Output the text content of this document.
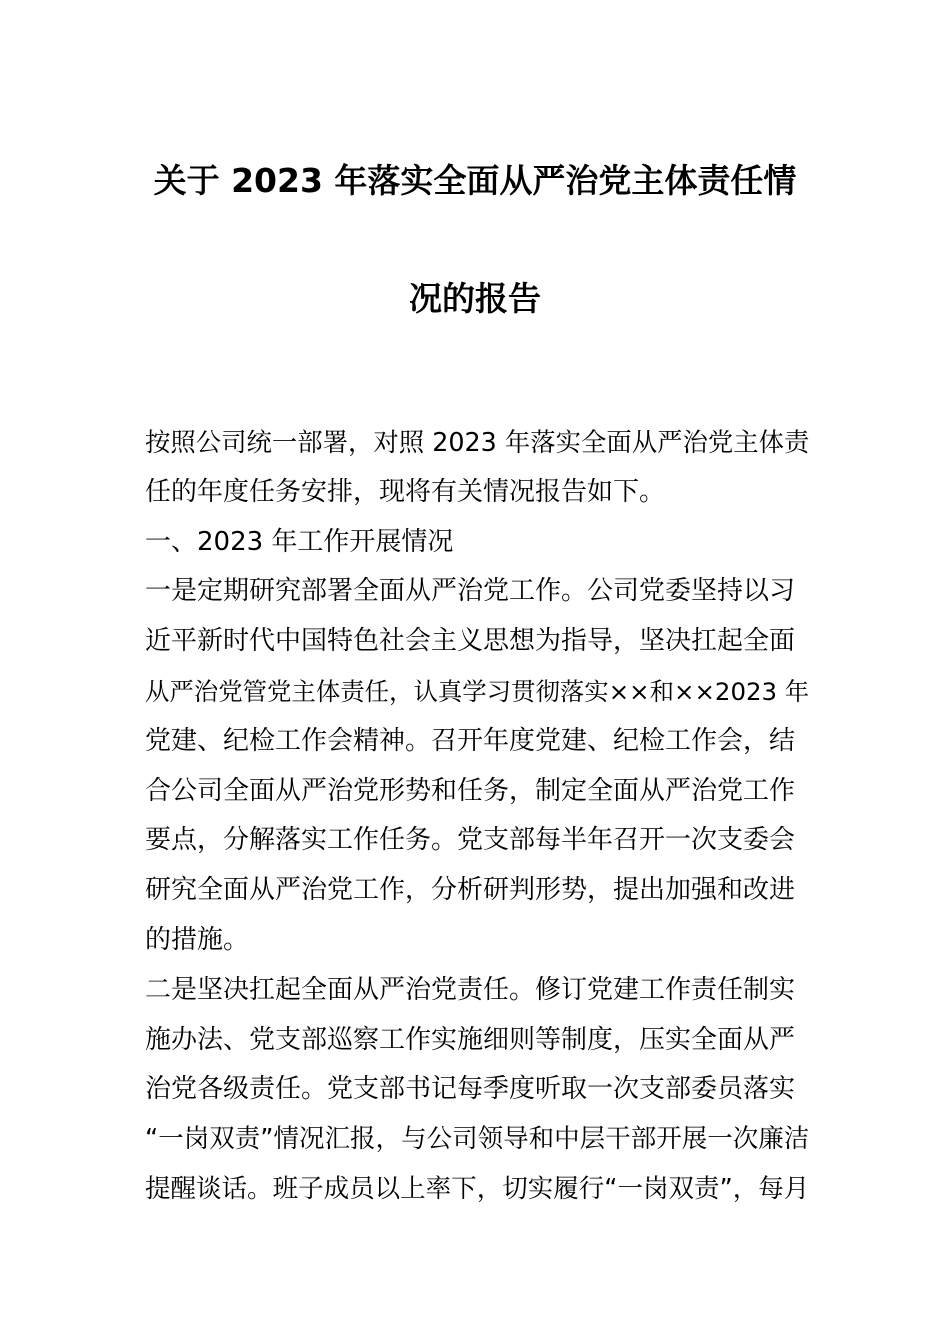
关于 2023 年落实全面从严治党主体责任情
况的报告
按照公司统一部署，对照 2023 年落实全面从严治党主体责
任的年度任务安排，现将有关情况报告如下。
一、2023 年工作开展情况
一是定期研究部署全面从严治党工作。公司党委坚持以习
近平新时代中国特色社会主义思想为指导，坚决扛起全面
从严治党管党主体责任，认真学习贯彻落实××和××2023 年
党建、纪检工作会精神。召开年度党建、纪检工作会，结
合公司全面从严治党形势和任务，制定全面从严治党工作
要点，分解落实工作任务。党支部每半年召开一次支委会
研究全面从严治党工作，分析研判形势，提出加强和改进
的措施。
二是坚决扛起全面从严治党责任。修订党建工作责任制实
施办法、党支部巡察工作实施细则等制度，压实全面从严
治党各级责任。党支部书记每季度听取一次支部委员落实
“一岗双责”情况汇报，与公司领导和中层干部开展一次廉洁
提醒谈话。班子成员以上率下，切实履行“一岗双责”，每月
